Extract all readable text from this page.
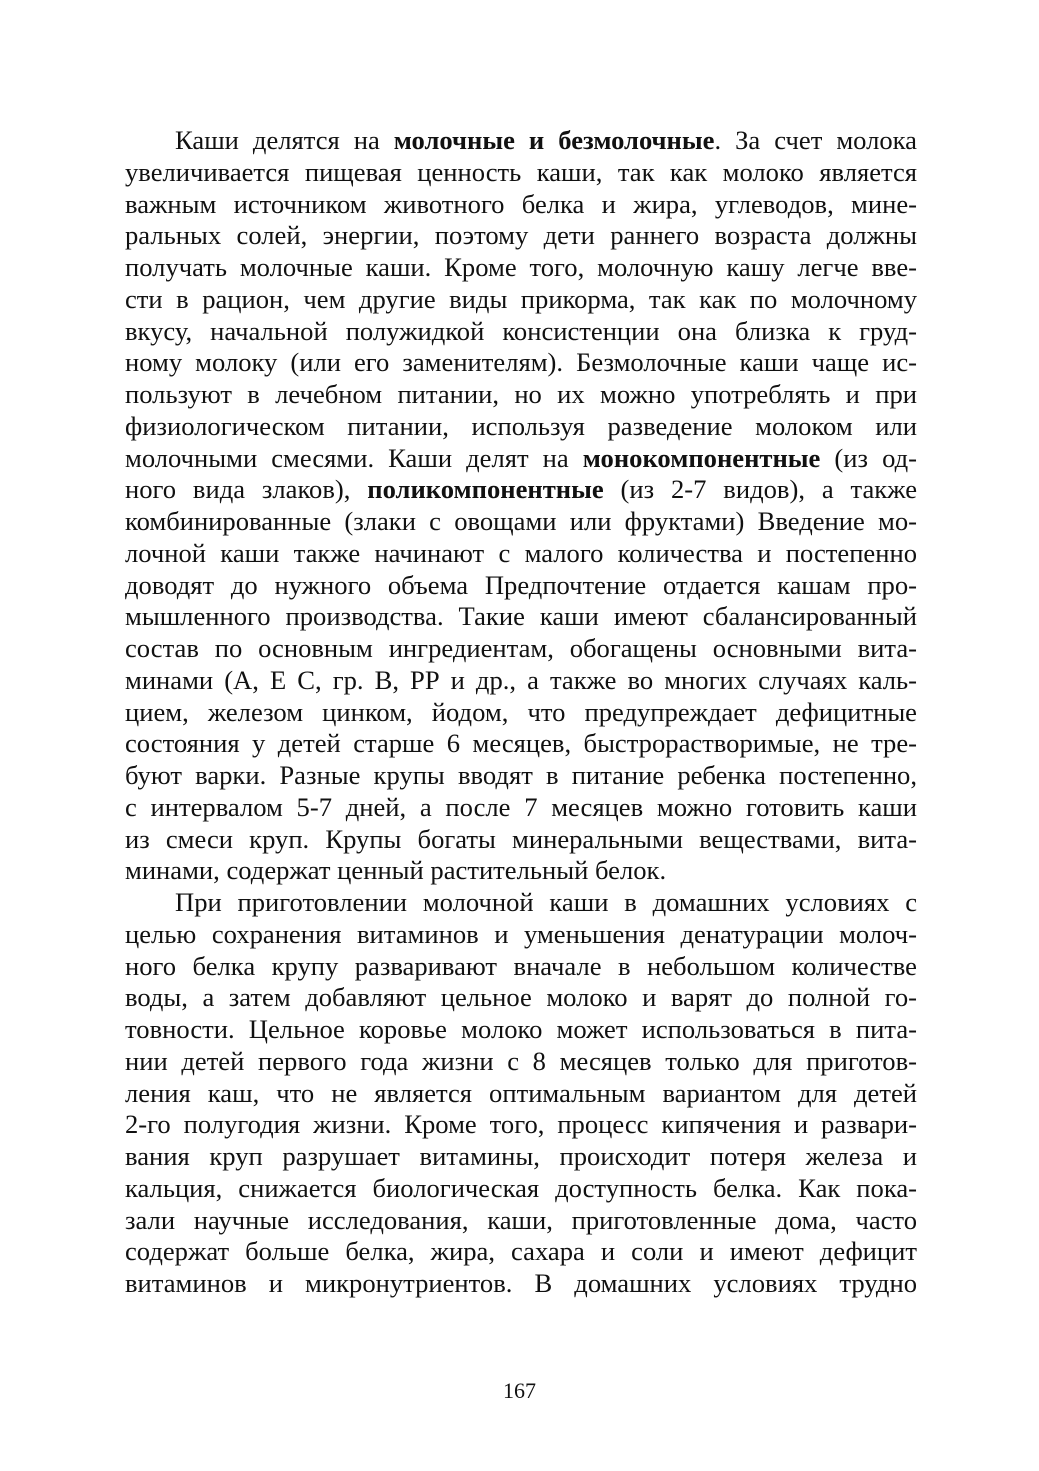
Каши делятся на молочные и безмолочные. За счет молока
увеличивается пищевая ценность каши, так как молоко является
важным источником животного белка и жира, углеводов, мине-
ральных солей, энергии, поэтому дети раннего возраста должны
получать молочные каши. Кроме того, молочную кашу легче вве-
сти в рацион, чем другие виды прикорма, так как по молочному
вкусу, начальной полужидкой консистенции она близка к груд-
ному молоку (или его заменителям). Безмолочные каши чаще ис-
пользуют в лечебном питании, но их можно употреблять и при
физиологическом питании, используя разведение молоком или
молочными смесями. Каши делят на монокомпонентные (из од-
ного вида злаков), поликомпонентные (из 2-7 видов), а также
комбинированные (злаки с овощами или фруктами) Введение мо-
лочной каши также начинают с малого количества и постепенно
доводят до нужного объема Предпочтение отдается кашам про-
мышленного производства. Такие каши имеют сбалансированный
состав по основным ингредиентам, обогащены основными вита-
минами (А, Е С, гр. В, РР и др., а также во многих случаях каль-
цием, железом цинком, йодом, что предупреждает дефицитные
состояния у детей старше 6 месяцев, быстрорастворимые, не тре-
буют варки. Разные крупы вводят в питание ребенка постепенно,
с интервалом 5-7 дней, а после 7 месяцев можно готовить каши
из смеси круп. Крупы богаты минеральными веществами, вита-
минами, содержат ценный растительный белок.
При приготовлении молочной каши в домашних условиях с
целью сохранения витаминов и уменьшения денатурации молоч-
ного белка крупу разваривают вначале в небольшом количестве
воды, а затем добавляют цельное молоко и варят до полной го-
товности. Цельное коровье молоко может использоваться в пита-
нии детей первого года жизни с 8 месяцев только для приготов-
ления каш, что не является оптимальным вариантом для детей
2-го полугодия жизни. Кроме того, процесс кипячения и развари-
вания круп разрушает витамины, происходит потеря железа и
кальция, снижается биологическая доступность белка. Как пока-
зали научные исследования, каши, приготовленные дома, часто
содержат больше белка, жира, сахара и соли и имеют дефицит
витаминов и микронутриентов. В домашних условиях трудно
167
